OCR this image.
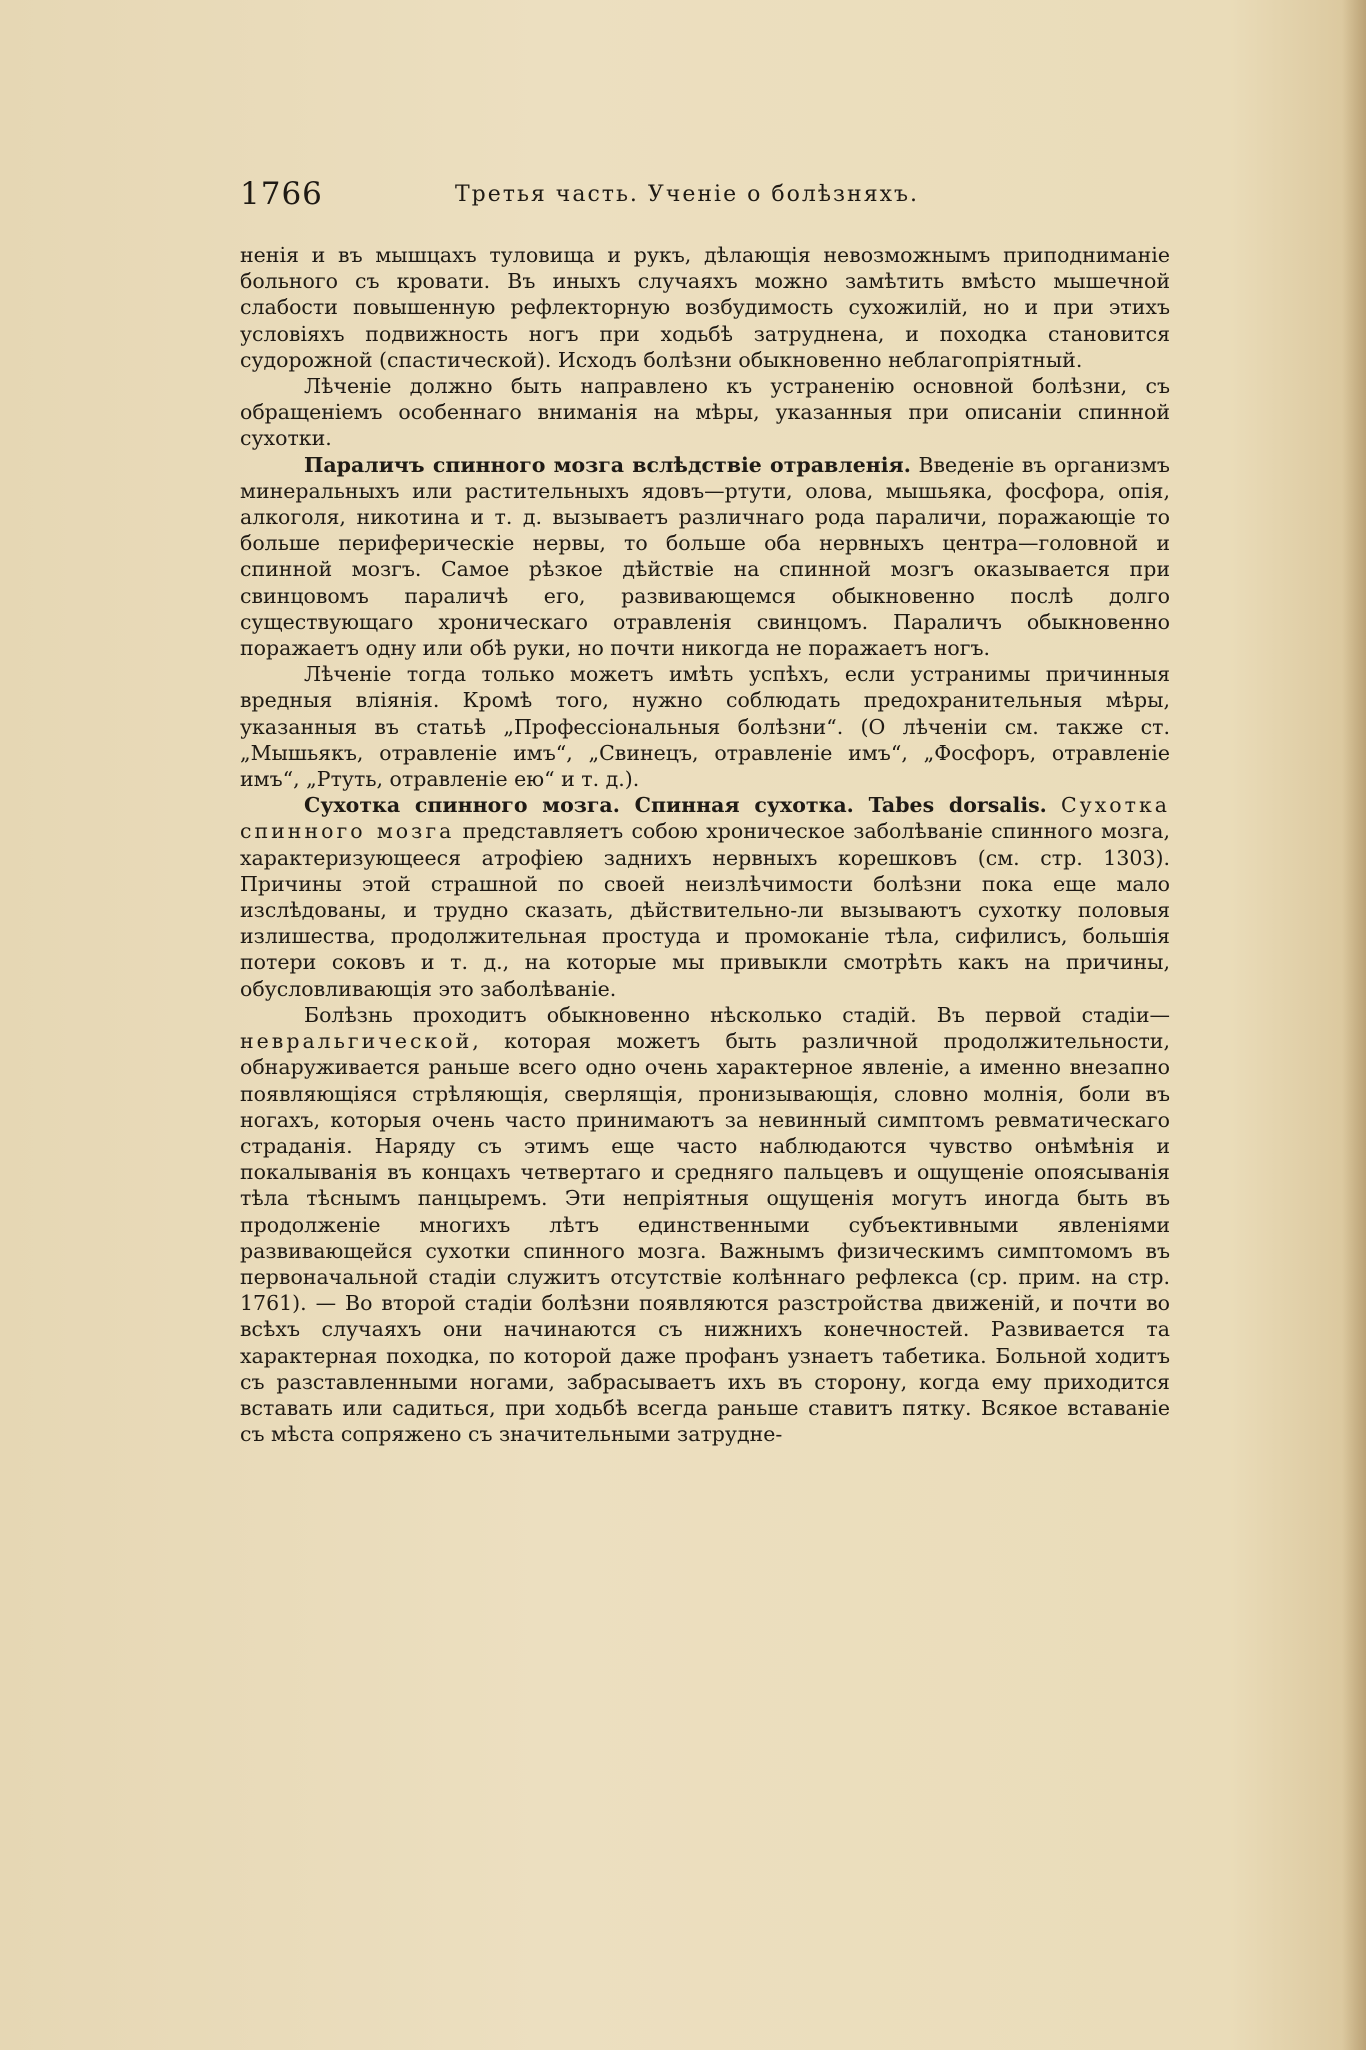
1766	Третья часть. Ученіе о болѣзняхъ.

ненія и въ мышцахъ туловища и рукъ, дѣлающія невозможнымъ приподниманіе больного съ кровати. Въ иныхъ случаяхъ можно замѣтить вмѣсто мышечной слабости повышенную рефлекторную возбудимость сухожилій, но и при этихъ условіяхъ подвижность ногъ при ходьбѣ затруднена, и походка становится судорожной (спастической). Исходъ болѣзни обыкновенно неблагопріятный.

Лѣченіе должно быть направлено къ устраненію основной болѣзни, съ обращеніемъ особеннаго вниманія на мѣры, указанныя при описаніи спинной сухотки.

Параличъ спинного мозга вслѣдствіе отравленія. Введеніе въ организмъ минеральныхъ или растительныхъ ядовъ—ртути, олова, мышьяка, фосфора, опія, алкоголя, никотина и т. д. вызываетъ различнаго рода параличи, поражающіе то больше периферическіе нервы, то больше оба нервныхъ центра—головной и спинной мозгъ. Самое рѣзкое дѣйствіе на спинной мозгъ оказывается при свинцовомъ параличѣ его, развивающемся обыкновенно послѣ долго существующаго хроническаго отравленія свинцомъ. Параличъ обыкновенно поражаетъ одну или обѣ руки, но почти никогда не поражаетъ ногъ.

Лѣченіе тогда только можетъ имѣть успѣхъ, если устранимы причинныя вредныя вліянія. Кромѣ того, нужно соблюдать предохранительныя мѣры, указанныя въ статьѣ „Профессіональныя болѣзни“. (О лѣченіи см. также ст. „Мышьякъ, отравленіе имъ“, „Свинецъ, отравленіе имъ“, „Фосфоръ, отравленіе имъ“, „Ртуть, отравленіе ею“ и т. д.).

Сухотка спинного мозга. Спинная сухотка. Tabes dorsalis. Сухотка спинного мозга представляетъ собою хроническое заболѣваніе спинного мозга, характеризующееся атрофіею заднихъ нервныхъ корешковъ (см. стр. 1303). Причины этой страшной по своей неизлѣчимости болѣзни пока еще мало изслѣдованы, и трудно сказать, дѣйствительно-ли вызываютъ сухотку половыя излишества, продолжительная простуда и промоканіе тѣла, сифилисъ, большія потери соковъ и т. д., на которые мы привыкли смотрѣть какъ на причины, обусловливающія это заболѣваніе.

Болѣзнь проходитъ обыкновенно нѣсколько стадій. Въ первой стадіи—невральгической, которая можетъ быть различной продолжительности, обнаруживается раньше всего одно очень характерное явленіе, а именно внезапно появляющіяся стрѣляющія, сверлящія, пронизывающія, словно молнія, боли въ ногахъ, которыя очень часто принимаютъ за невинный симптомъ ревматическаго страданія. Наряду съ этимъ еще часто наблюдаются чувство онѣмѣнія и покалыванія въ концахъ четвертаго и средняго пальцевъ и ощущеніе опоясыванія тѣла тѣснымъ панцыремъ. Эти непріятныя ощущенія могутъ иногда быть въ продолженіе многихъ лѣтъ единственными субъективными явленіями развивающейся сухотки спинного мозга. Важнымъ физическимъ симптомомъ въ первоначальной стадіи служитъ отсутствіе колѣннаго рефлекса (ср. прим. на стр. 1761). — Во второй стадіи болѣзни появляются разстройства движеній, и почти во всѣхъ случаяхъ они начинаются съ нижнихъ конечностей. Развивается та характерная походка, по которой даже профанъ узнаетъ табетика. Больной ходитъ съ разставленными ногами, забрасываетъ ихъ въ сторону, когда ему приходится вставать или садиться, при ходьбѣ всегда раньше ставитъ пятку. Всякое вставаніе съ мѣста сопряжено съ значительными затрудне-
